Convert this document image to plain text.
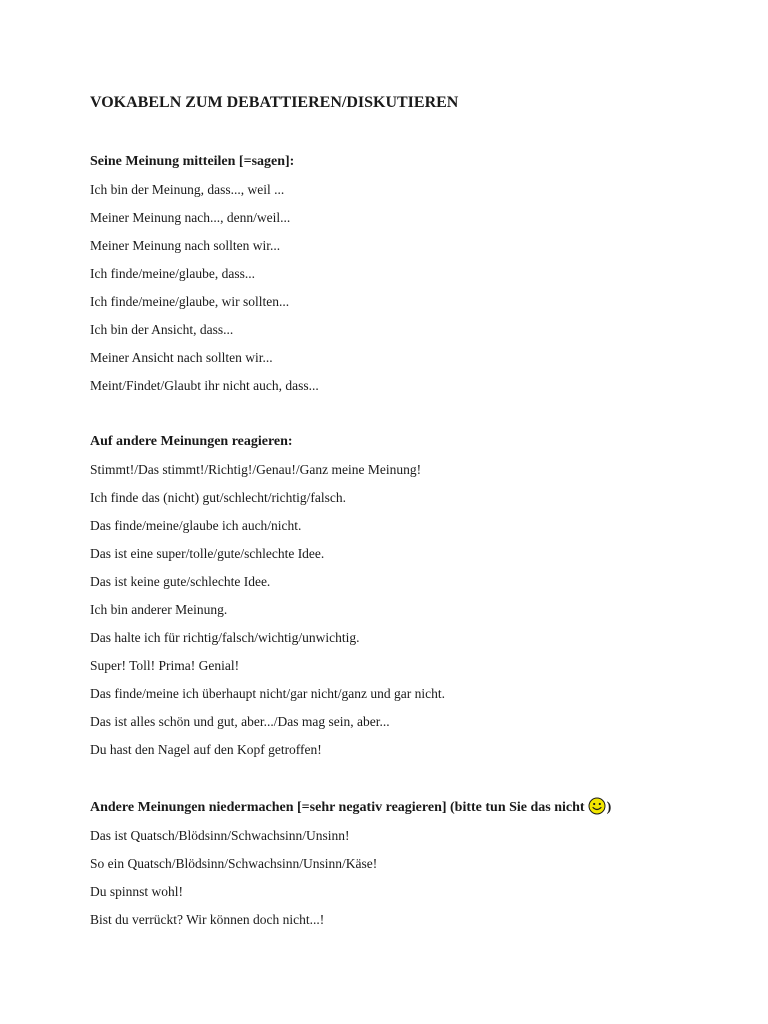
VOKABELN ZUM DEBATTIEREN/DISKUTIEREN
Seine Meinung mitteilen [=sagen]:
Ich bin der Meinung, dass..., weil ...
Meiner Meinung nach..., denn/weil...
Meiner Meinung nach sollten wir...
Ich finde/meine/glaube, dass...
Ich finde/meine/glaube, wir sollten...
Ich bin der Ansicht, dass...
Meiner Ansicht nach sollten wir...
Meint/Findet/Glaubt ihr nicht auch, dass...
Auf andere Meinungen reagieren:
Stimmt!/Das stimmt!/Richtig!/Genau!/Ganz meine Meinung!
Ich finde das (nicht) gut/schlecht/richtig/falsch.
Das finde/meine/glaube ich auch/nicht.
Das ist eine super/tolle/gute/schlechte Idee.
Das ist keine gute/schlechte Idee.
Ich bin anderer Meinung.
Das halte ich für richtig/falsch/wichtig/unwichtig.
Super! Toll! Prima! Genial!
Das finde/meine ich überhaupt nicht/gar nicht/ganz und gar nicht.
Das ist alles schön und gut, aber.../Das mag sein, aber...
Du hast den Nagel auf den Kopf getroffen!
Andere Meinungen niedermachen [=sehr negativ reagieren] (bitte tun Sie das nicht )
Das ist Quatsch/Blödsinn/Schwachsinn/Unsinn!
So ein Quatsch/Blödsinn/Schwachsinn/Unsinn/Käse!
Du spinnst wohl!
Bist du verrückt? Wir können doch nicht...!
